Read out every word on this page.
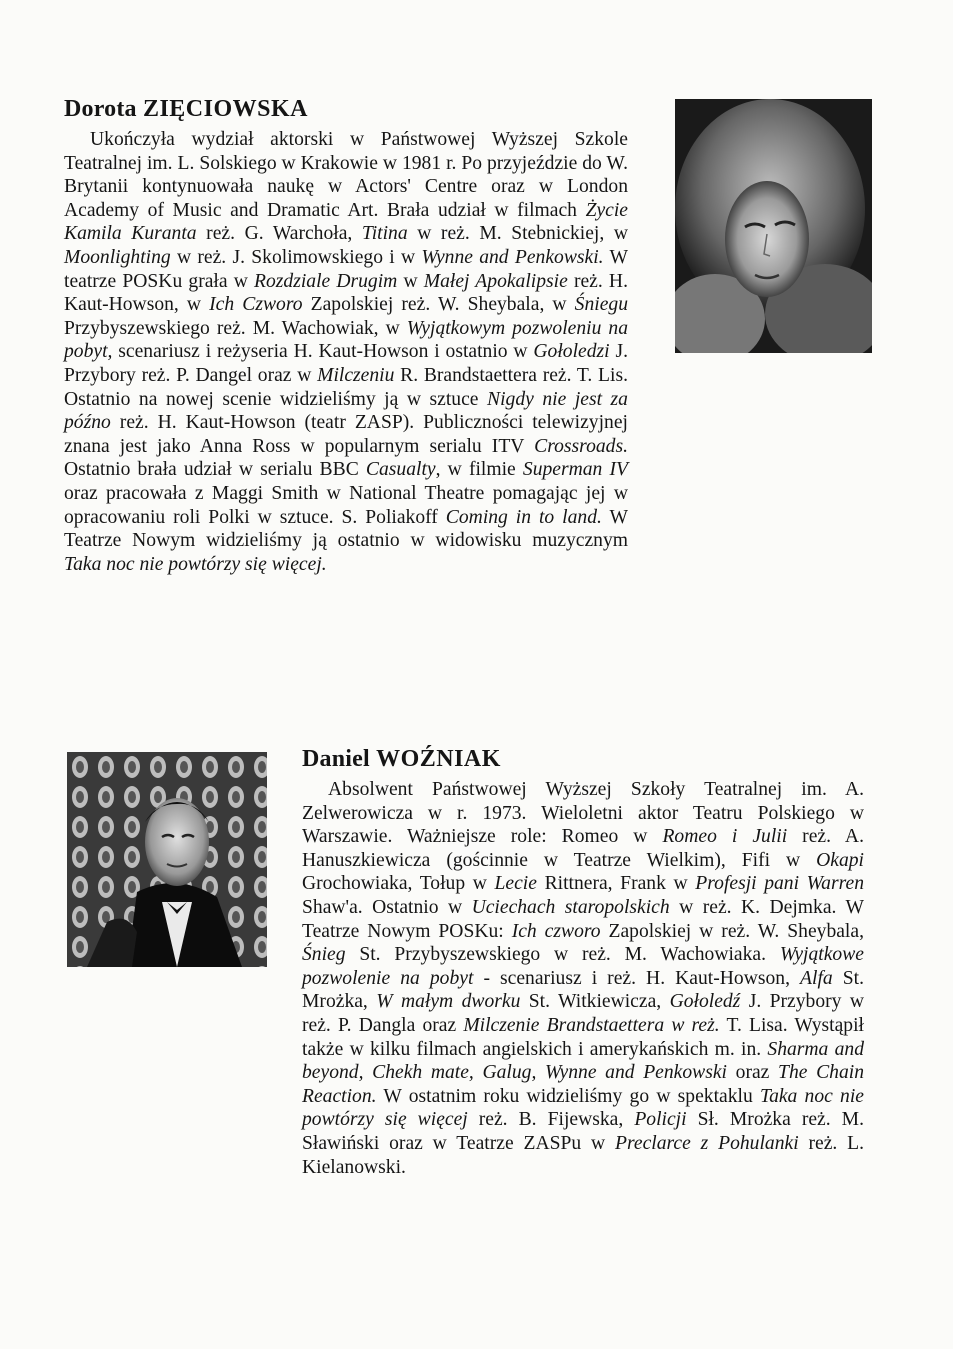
Dorota ZIĘCIOWSKA

Ukończyła wydział aktorski w Państwowej Wyższej Szkole Teatralnej im. L. Solskiego w Krakowie w 1981 r. Po przyjeździe do W. Brytanii kontynuowała naukę w Actors' Centre oraz w London Academy of Music and Dramatic Art. Brała udział w filmach Życie Kamila Kuranta reż. G. Warchoła, Titina w reż. M. Stebnickiej, w Moonlighting w reż. J. Skolimowskiego i w Wynne and Penkowski. W teatrze POSKu grała w Rozdziale Drugim w Małej Apokalipsie reż. H. Kaut-Howson, w Ich Czworo Zapolskiej reż. W. Sheybala, w Śniegu Przybyszewskiego reż. M. Wachowiak, w Wyjątkowym pozwoleniu na pobyt, scenariusz i reżyseria H. Kaut-Howson i ostatnio w Gołoledzi J. Przybory reż. P. Dangel oraz w Milczeniu R. Brandstaettera reż. T. Lis. Ostatnio na nowej scenie widzieliśmy ją w sztuce Nigdy nie jest za późno reż. H. Kaut-Howson (teatr ZASP). Publiczności telewizyjnej znana jest jako Anna Ross w popularnym serialu ITV Crossroads. Ostatnio brała udział w serialu BBC Casualty, w filmie Superman IV oraz pracowała z Maggi Smith w National Theatre pomagając jej w opracowaniu roli Polki w sztuce. S. Poliakoff Coming in to land. W Teatrze Nowym widzieliśmy ją ostatnio w widowisku muzycznym Taka noc nie powtórzy się więcej.

Daniel WOŹNIAK

Absolwent Państwowej Wyższej Szkoły Teatralnej im. A. Zelwerowicza w r. 1973. Wieloletni aktor Teatru Polskiego w Warszawie. Ważniejsze role: Romeo w Romeo i Julii reż. A. Hanuszkiewicza (gościnnie w Teatrze Wielkim), Fifi w Okapi Grochowiaka, Tołup w Lecie Rittnera, Frank w Profesji pani Warren Shaw'a. Ostatnio w Uciechach staropolskich w reż. K. Dejmka. W Teatrze Nowym POSKu: Ich czworo Zapolskiej w reż. W. Sheybala, Śnieg St. Przybyszewskiego w reż. M. Wachowiaka. Wyjątkowe pozwolenie na pobyt - scenariusz i reż. H. Kaut-Howson, Alfa St. Mrożka, W małym dworku St. Witkiewicza, Gołoledź J. Przybory w reż. P. Dangla oraz Milczenie Brandstaettera w reż. T. Lisa. Wystąpił także w kilku filmach angielskich i amerykańskich m. in. Sharma and beyond, Chekh mate, Galug, Wynne and Penkowski oraz The Chain Reaction. W ostatnim roku widzieliśmy go w spektaklu Taka noc nie powtórzy się więcej reż. B. Fijewska, Policji Sł. Mrożka reż. M. Sławiński oraz w Teatrze ZASPu w Preclarce z Pohulanki reż. L. Kielanowski.
